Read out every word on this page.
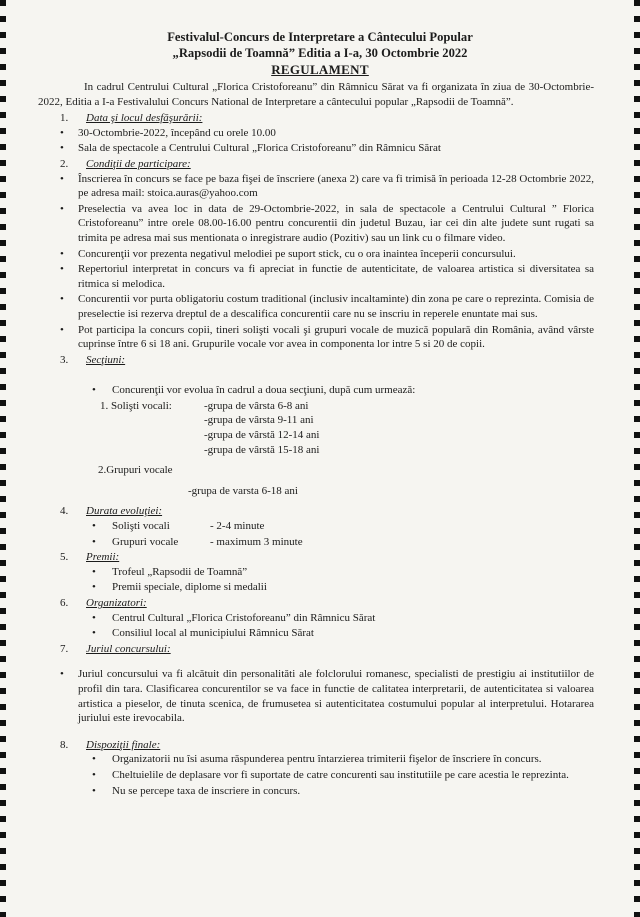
Festivalul-Concurs de Interpretare a Cântecului Popular
„Rapsodii de Toamnă” Editia a I-a, 30 Octombrie 2022
REGULAMENT

In cadrul Centrului Cultural „Florica Cristoforeanu” din Râmnicu Sărat va fi organizata în ziua de 30-Octombrie-2022, Editia a I-a Festivalului Concurs National de Interpretare a cântecului popular „Rapsodii de Toamnă”.

1. Data şi locul desfăşurării:

• 30-Octombrie-2022, începând cu orele 10.00
• Sala de spectacole a Centrului Cultural „Florica Cristoforeanu” din Râmnicu Sărat

2. Condiţii de participare:

• Înscrierea în concurs se face pe baza fişei de înscriere (anexa 2) care va fi trimisă în perioada 12-28 Octombrie 2022, pe adresa mail: stoica.auras@yahoo.com
• Preselectia va avea loc in data de 29-Octombrie-2022, in sala de spectacole a Centrului Cultural ” Florica Cristoforeanu” intre orele 08.00-16.00 pentru concurentii din judetul Buzau, iar cei din alte judete sunt rugati sa trimita pe adresa mai sus mentionata o inregistrare audio (Pozitiv) sau un link cu o filmare video.
• Concurenţii vor prezenta negativul melodiei pe suport stick, cu o ora inaintea începerii concursului.
• Repertoriul interpretat in concurs va fi apreciat in functie de autenticitate, de valoarea artistica si diversitatea sa ritmica si melodica.
• Concurentii vor purta obligatoriu costum traditional (inclusiv incaltaminte) din zona pe care o reprezinta. Comisia de preselectie isi rezerva dreptul de a descalifica concurentii care nu se inscriu in reperele enuntate mai sus.
• Pot participa la concurs copii, tineri solişti vocali şi grupuri vocale de muzică populară din România, având vârste cuprinse între 6 si 18 ani. Grupurile vocale vor avea in componenta lor intre 5 si 20 de copii.

3. Secţiuni:

• Concurenţii vor evolua în cadrul a doua secţiuni, după cum urmează:
1. Solişti vocali:	-grupa de vârsta 6-8 ani
-grupa de vârsta 9-11 ani
-grupa de vârstă 12-14 ani
-grupa de vârstă 15-18 ani
2.Grupuri vocale
-grupa de varsta 6-18 ani

4. Durata evoluţiei:

• Solişti vocali	- 2-4 minute
• Grupuri vocale	- maximum 3 minute

5. Premii:

• Trofeul „Rapsodii de Toamnă”
• Premii speciale, diplome si medalii

6. Organizatori:

• Centrul Cultural „Florica Cristoforeanu” din Râmnicu Sărat
• Consiliul local al municipiului Râmnicu Sărat

7. Juriul concursului:

• Juriul concursului va fi alcătuit din personalităti ale folclorului romanesc, specialisti de prestigiu ai institutiilor de profil din tara. Clasificarea concurentilor se va face in functie de calitatea interpretarii, de autenticitatea si valoarea artistica a pieselor, de tinuta scenica, de frumusetea si autenticitatea costumului popular al interpretului. Hotararea juriului este irevocabila.

8. Dispoziţii finale:

• Organizatorii nu îsi asuma răspunderea pentru întarzierea trimiterii fişelor de înscriere în concurs.
• Cheltuielile de deplasare vor fi suportate de catre concurenti sau institutiile pe care acestia le reprezinta.
• Nu se percepe taxa de inscriere in concurs.
